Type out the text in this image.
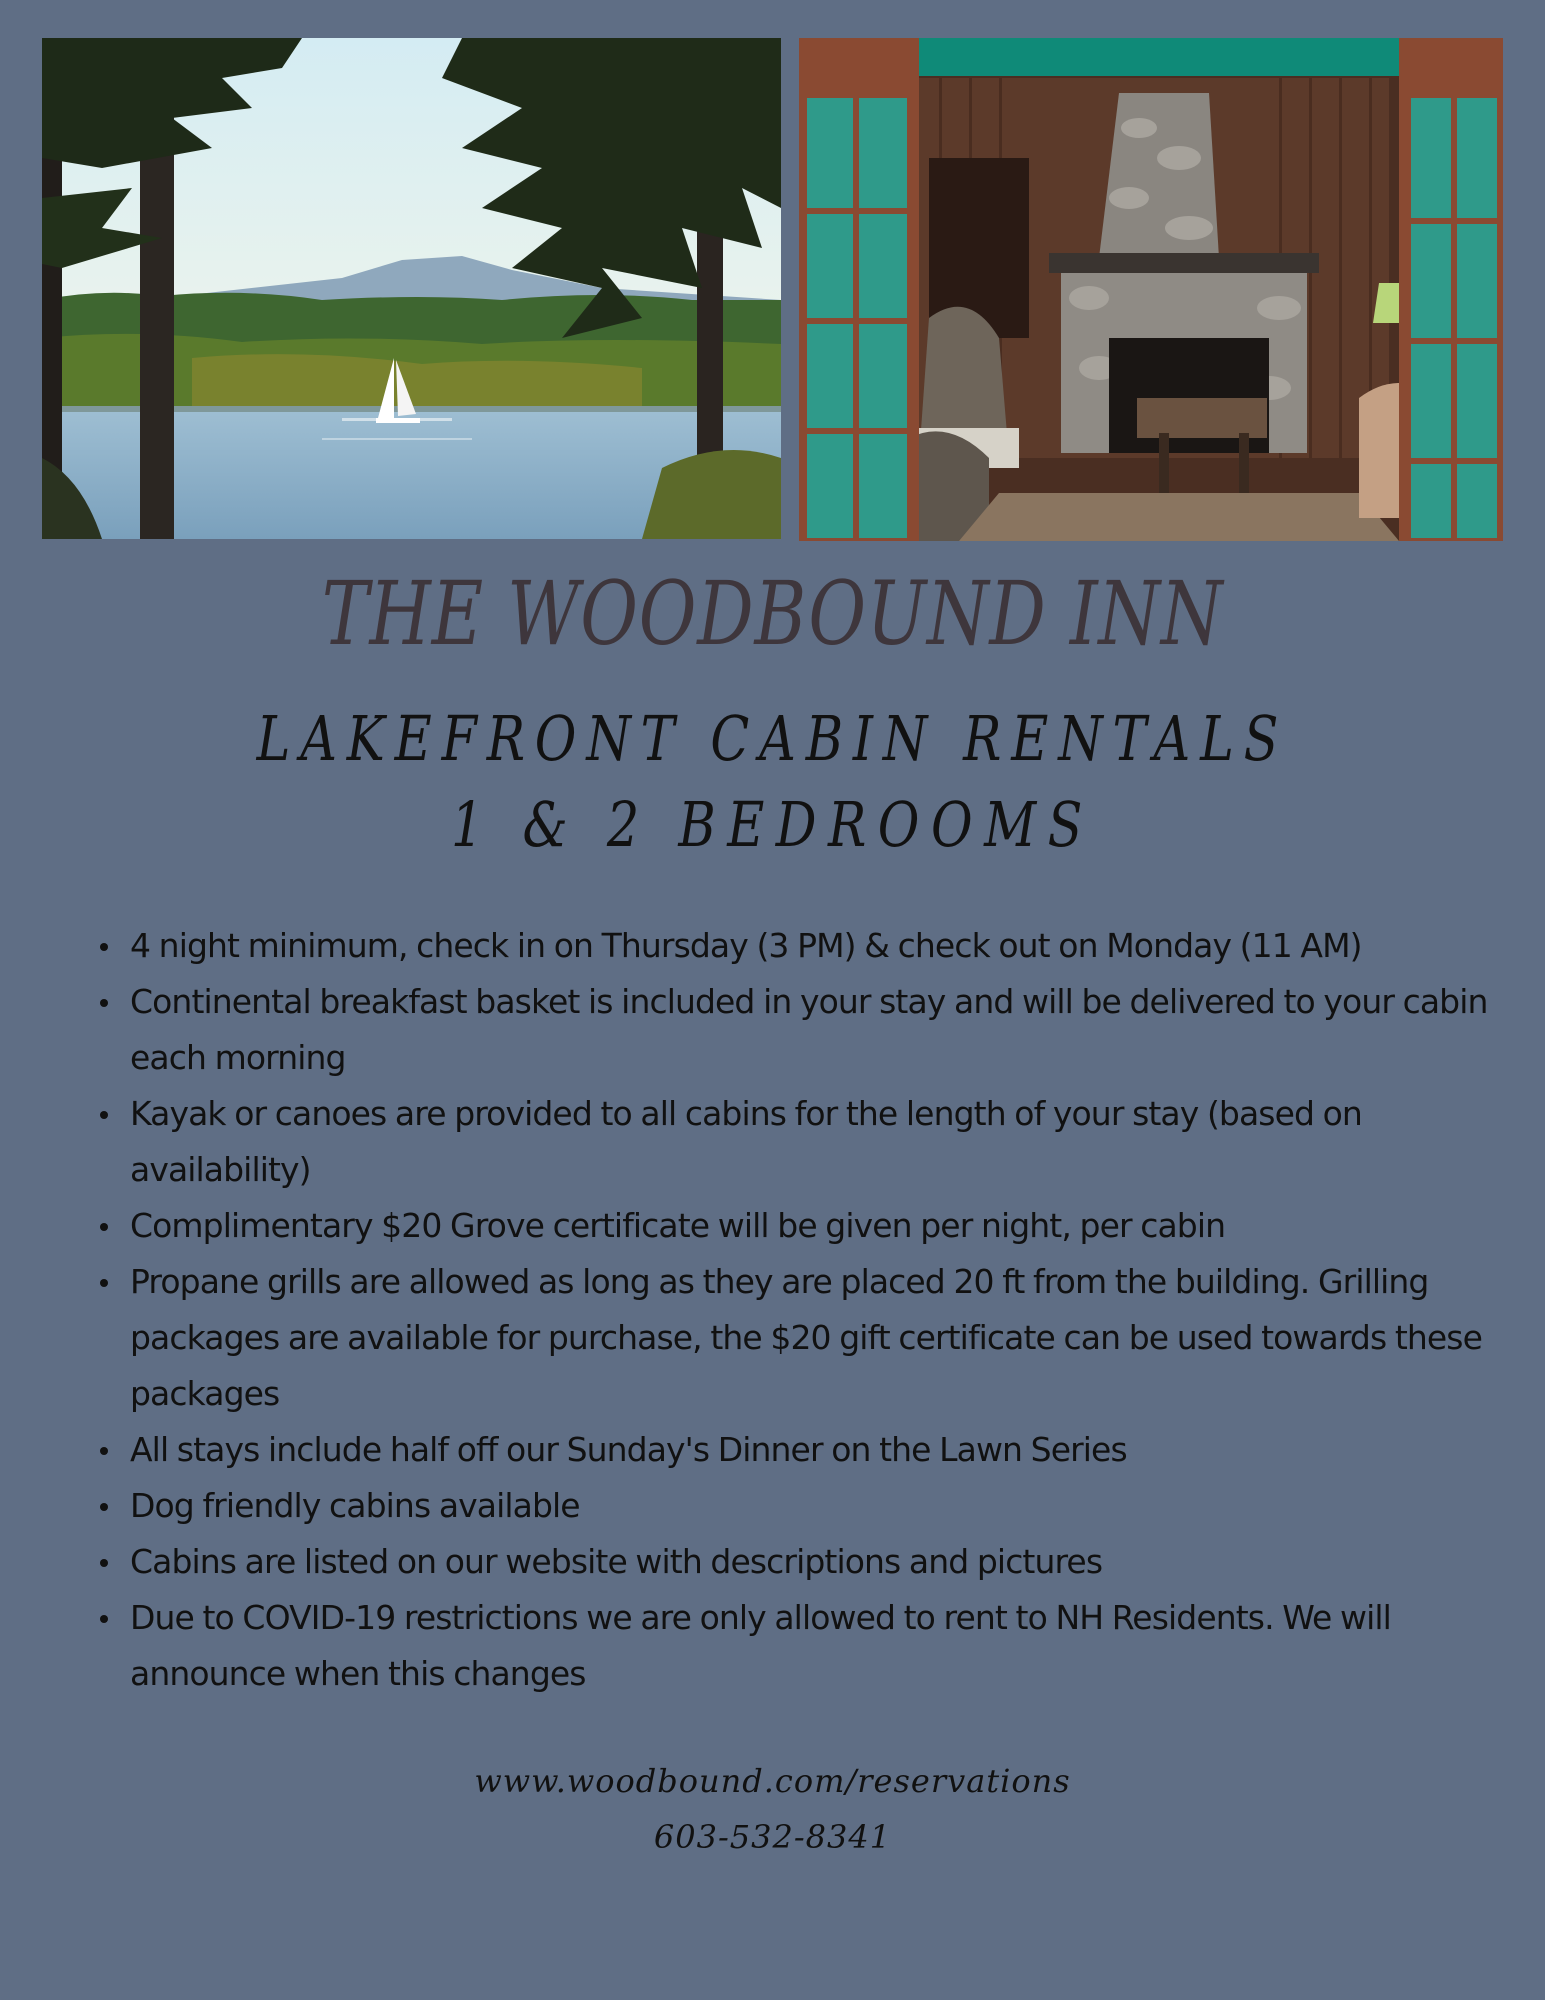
THE WOODBOUND INN
LAKEFRONT CABIN RENTALS
1 & 2 BEDROOMS
4 night minimum, check in on Thursday (3 PM) & check out on Monday (11 AM)
Continental breakfast basket is included in your stay and will be delivered to your cabin each morning
Kayak or canoes are provided to all cabins for the length of your stay (based on availability)
Complimentary $20 Grove certificate will be given per night, per cabin
Propane grills are allowed as long as they are placed 20 ft from the building. Grilling packages are available for purchase, the $20 gift certificate can be used towards these packages
All stays include half off our Sunday's Dinner on the Lawn Series
Dog friendly cabins available
Cabins are listed on our website with descriptions and pictures
Due to COVID-19 restrictions we are only allowed to rent to NH Residents. We will announce when this changes
www.woodbound.com/reservations
603-532-8341
